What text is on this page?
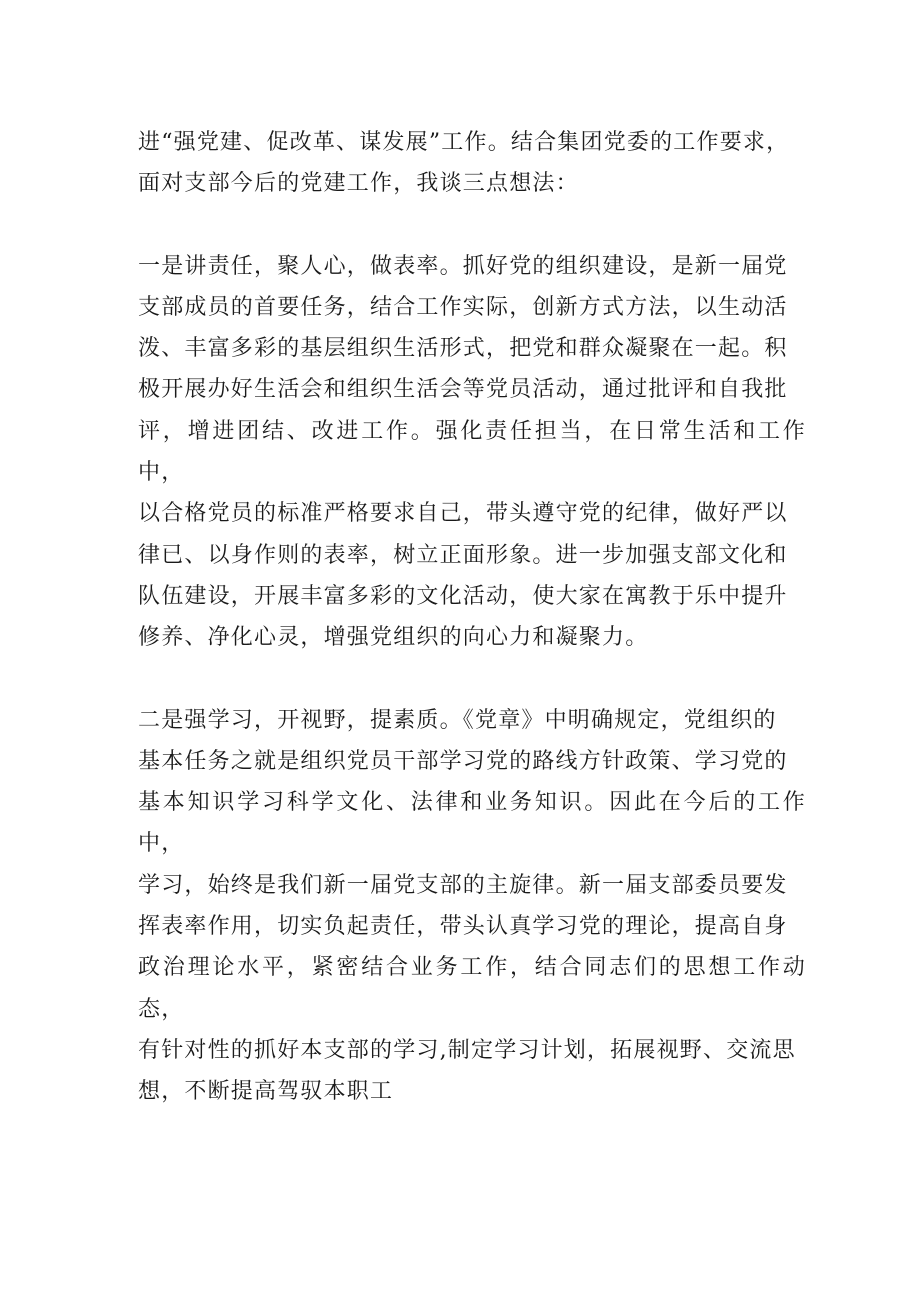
进“强党建、促改革、谋发展”工作。结合集团党委的工作要求，
面对支部今后的党建工作，我谈三点想法：

一是讲责任，聚人心，做表率。抓好党的组织建设，是新一届党
支部成员的首要任务，结合工作实际，创新方式方法，以生动活
泼、丰富多彩的基层组织生活形式，把党和群众凝聚在一起。积
极开展办好生活会和组织生活会等党员活动，通过批评和自我批
评，增进团结、改进工作。强化责任担当，在日常生活和工作中，
以合格党员的标准严格要求自己，带头遵守党的纪律，做好严以
律已、以身作则的表率，树立正面形象。进一步加强支部文化和
队伍建设，开展丰富多彩的文化活动，使大家在寓教于乐中提升
修养、净化心灵，增强党组织的向心力和凝聚力。

二是强学习，开视野，提素质。《党章》中明确规定，党组织的
基本任务之就是组织党员干部学习党的路线方针政策、学习党的
基本知识学习科学文化、法律和业务知识。因此在今后的工作中，
学习，始终是我们新一届党支部的主旋律。新一届支部委员要发
挥表率作用，切实负起责任，带头认真学习党的理论，提高自身
政治理论水平，紧密结合业务工作，结合同志们的思想工作动态，
有针对性的抓好本支部的学习,制定学习计划，拓展视野、交流思
想，不断提高驾驭本职工
